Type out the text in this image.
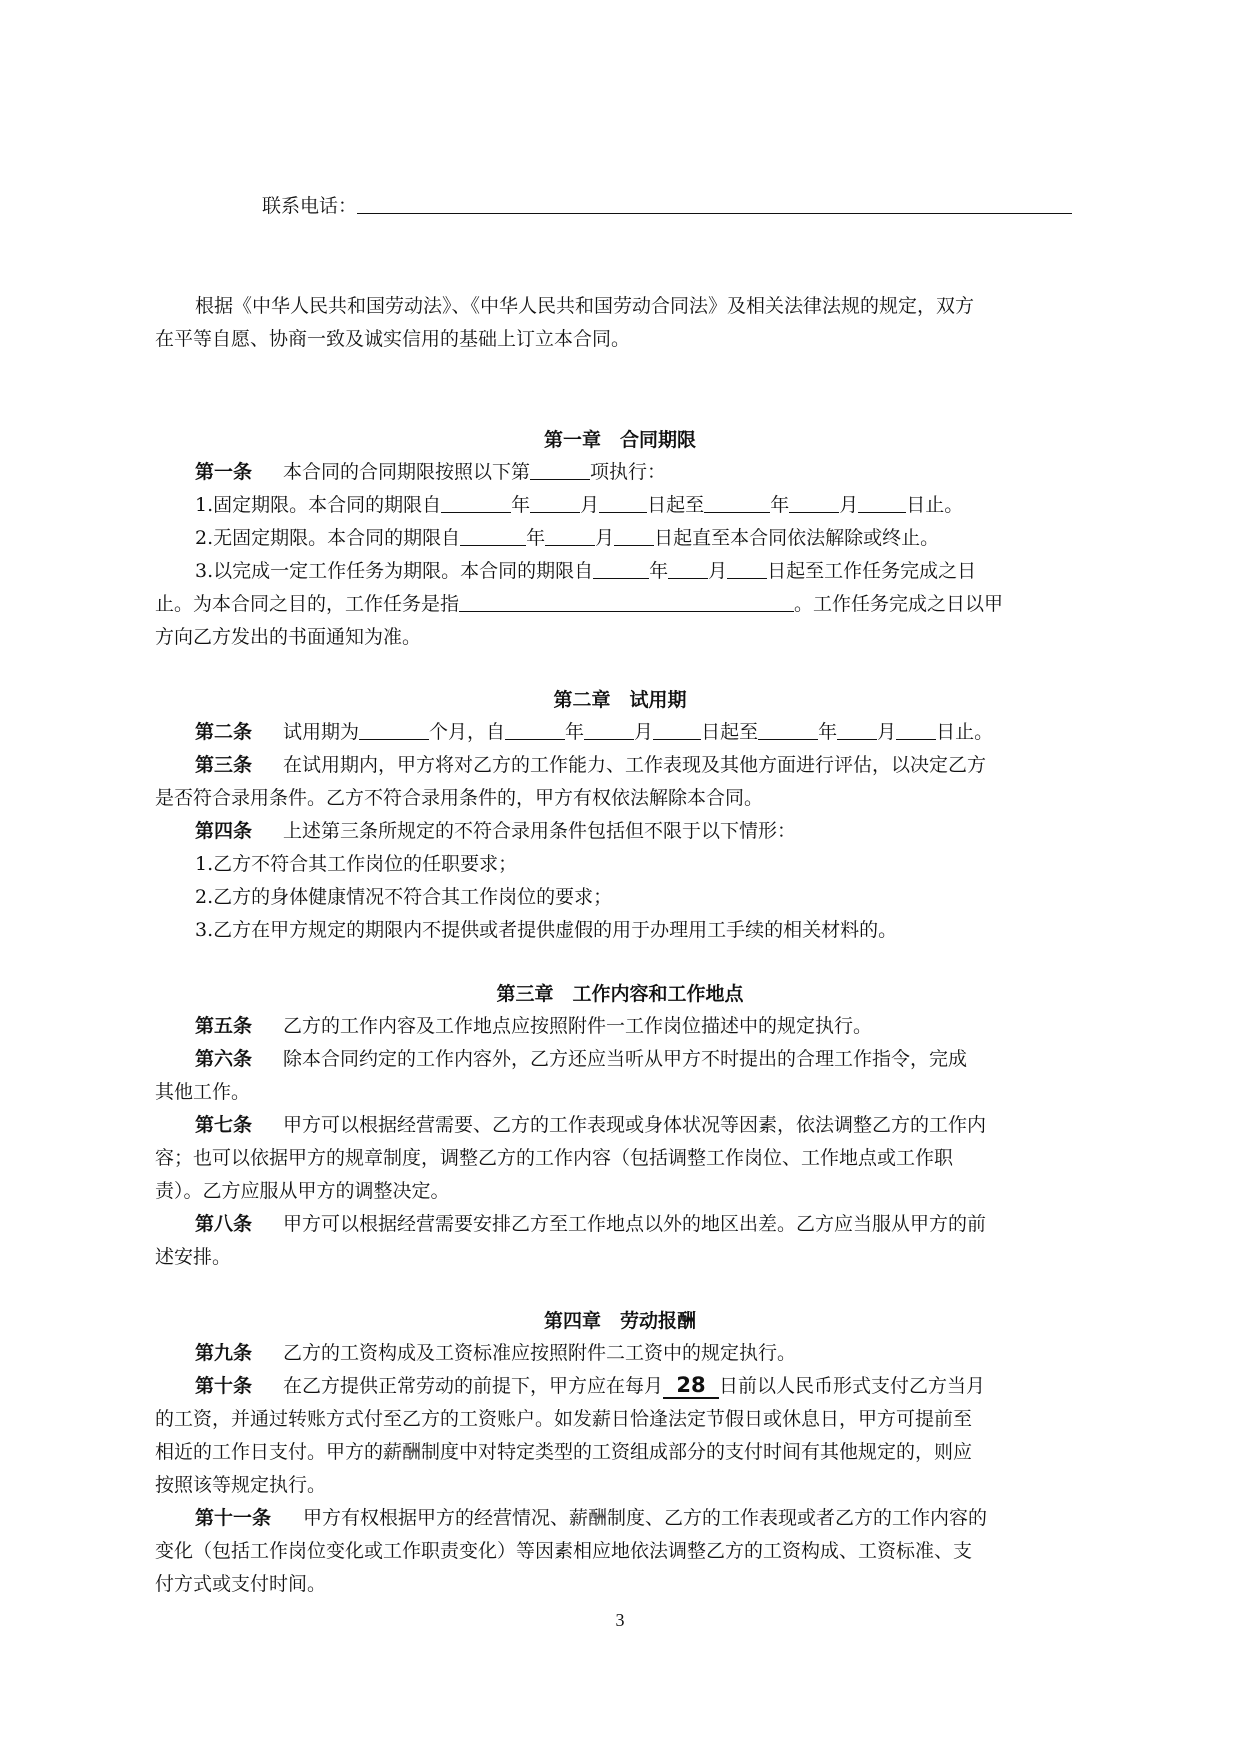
联系电话：
根据《中华人民共和国劳动法》、《中华人民共和国劳动合同法》及相关法律法规的规定，双方
在平等自愿、协商一致及诚实信用的基础上订立本合同。
第一章　合同期限
第一条 本合同的合同期限按照以下第	项执行：
1.固定期限。本合同的期限自	年	月	日起至	年	月	日止。
2.无固定期限。本合同的期限自	年	月 日起直至本合同依法解除或终止。
3.以完成一定工作任务为期限。本合同的期限自	年 月 日起至工作任务完成之日
止。为本合同之目的，工作任务是指	。工作任务完成之日以甲
方向乙方发出的书面通知为准。
第二章　试用期
第二条 试用期为	个月，自	年	月	日起至	年 月 日止。
第三条 在试用期内，甲方将对乙方的工作能力、工作表现及其他方面进行评估，以决定乙方
是否符合录用条件。乙方不符合录用条件的，甲方有权依法解除本合同。
第四条 上述第三条所规定的不符合录用条件包括但不限于以下情形：
1.乙方不符合其工作岗位的任职要求；
2.乙方的身体健康情况不符合其工作岗位的要求；
3.乙方在甲方规定的期限内不提供或者提供虚假的用于办理用工手续的相关材料的。
第三章　工作内容和工作地点
第五条 乙方的工作内容及工作地点应按照附件一工作岗位描述中的规定执行。
第六条 除本合同约定的工作内容外，乙方还应当听从甲方不时提出的合理工作指令，完成
其他工作。
第七条 甲方可以根据经营需要、乙方的工作表现或身体状况等因素，依法调整乙方的工作内
容；也可以依据甲方的规章制度，调整乙方的工作内容（包括调整工作岗位、工作地点或工作职
责）。乙方应服从甲方的调整决定。
第八条 甲方可以根据经营需要安排乙方至工作地点以外的地区出差。乙方应当服从甲方的前
述安排。
第四章　劳动报酬
第九条 乙方的工资构成及工资标准应按照附件二工资中的规定执行。
第十条 在乙方提供正常劳动的前提下，甲方应在每月 28 日前以人民币形式支付乙方当月
的工资，并通过转账方式付至乙方的工资账户。如发薪日恰逢法定节假日或休息日，甲方可提前至
相近的工作日支付。甲方的薪酬制度中对特定类型的工资组成部分的支付时间有其他规定的，则应
按照该等规定执行。
第十一条 甲方有权根据甲方的经营情况、薪酬制度、乙方的工作表现或者乙方的工作内容的
变化（包括工作岗位变化或工作职责变化）等因素相应地依法调整乙方的工资构成、工资标准、支
付方式或支付时间。
3
